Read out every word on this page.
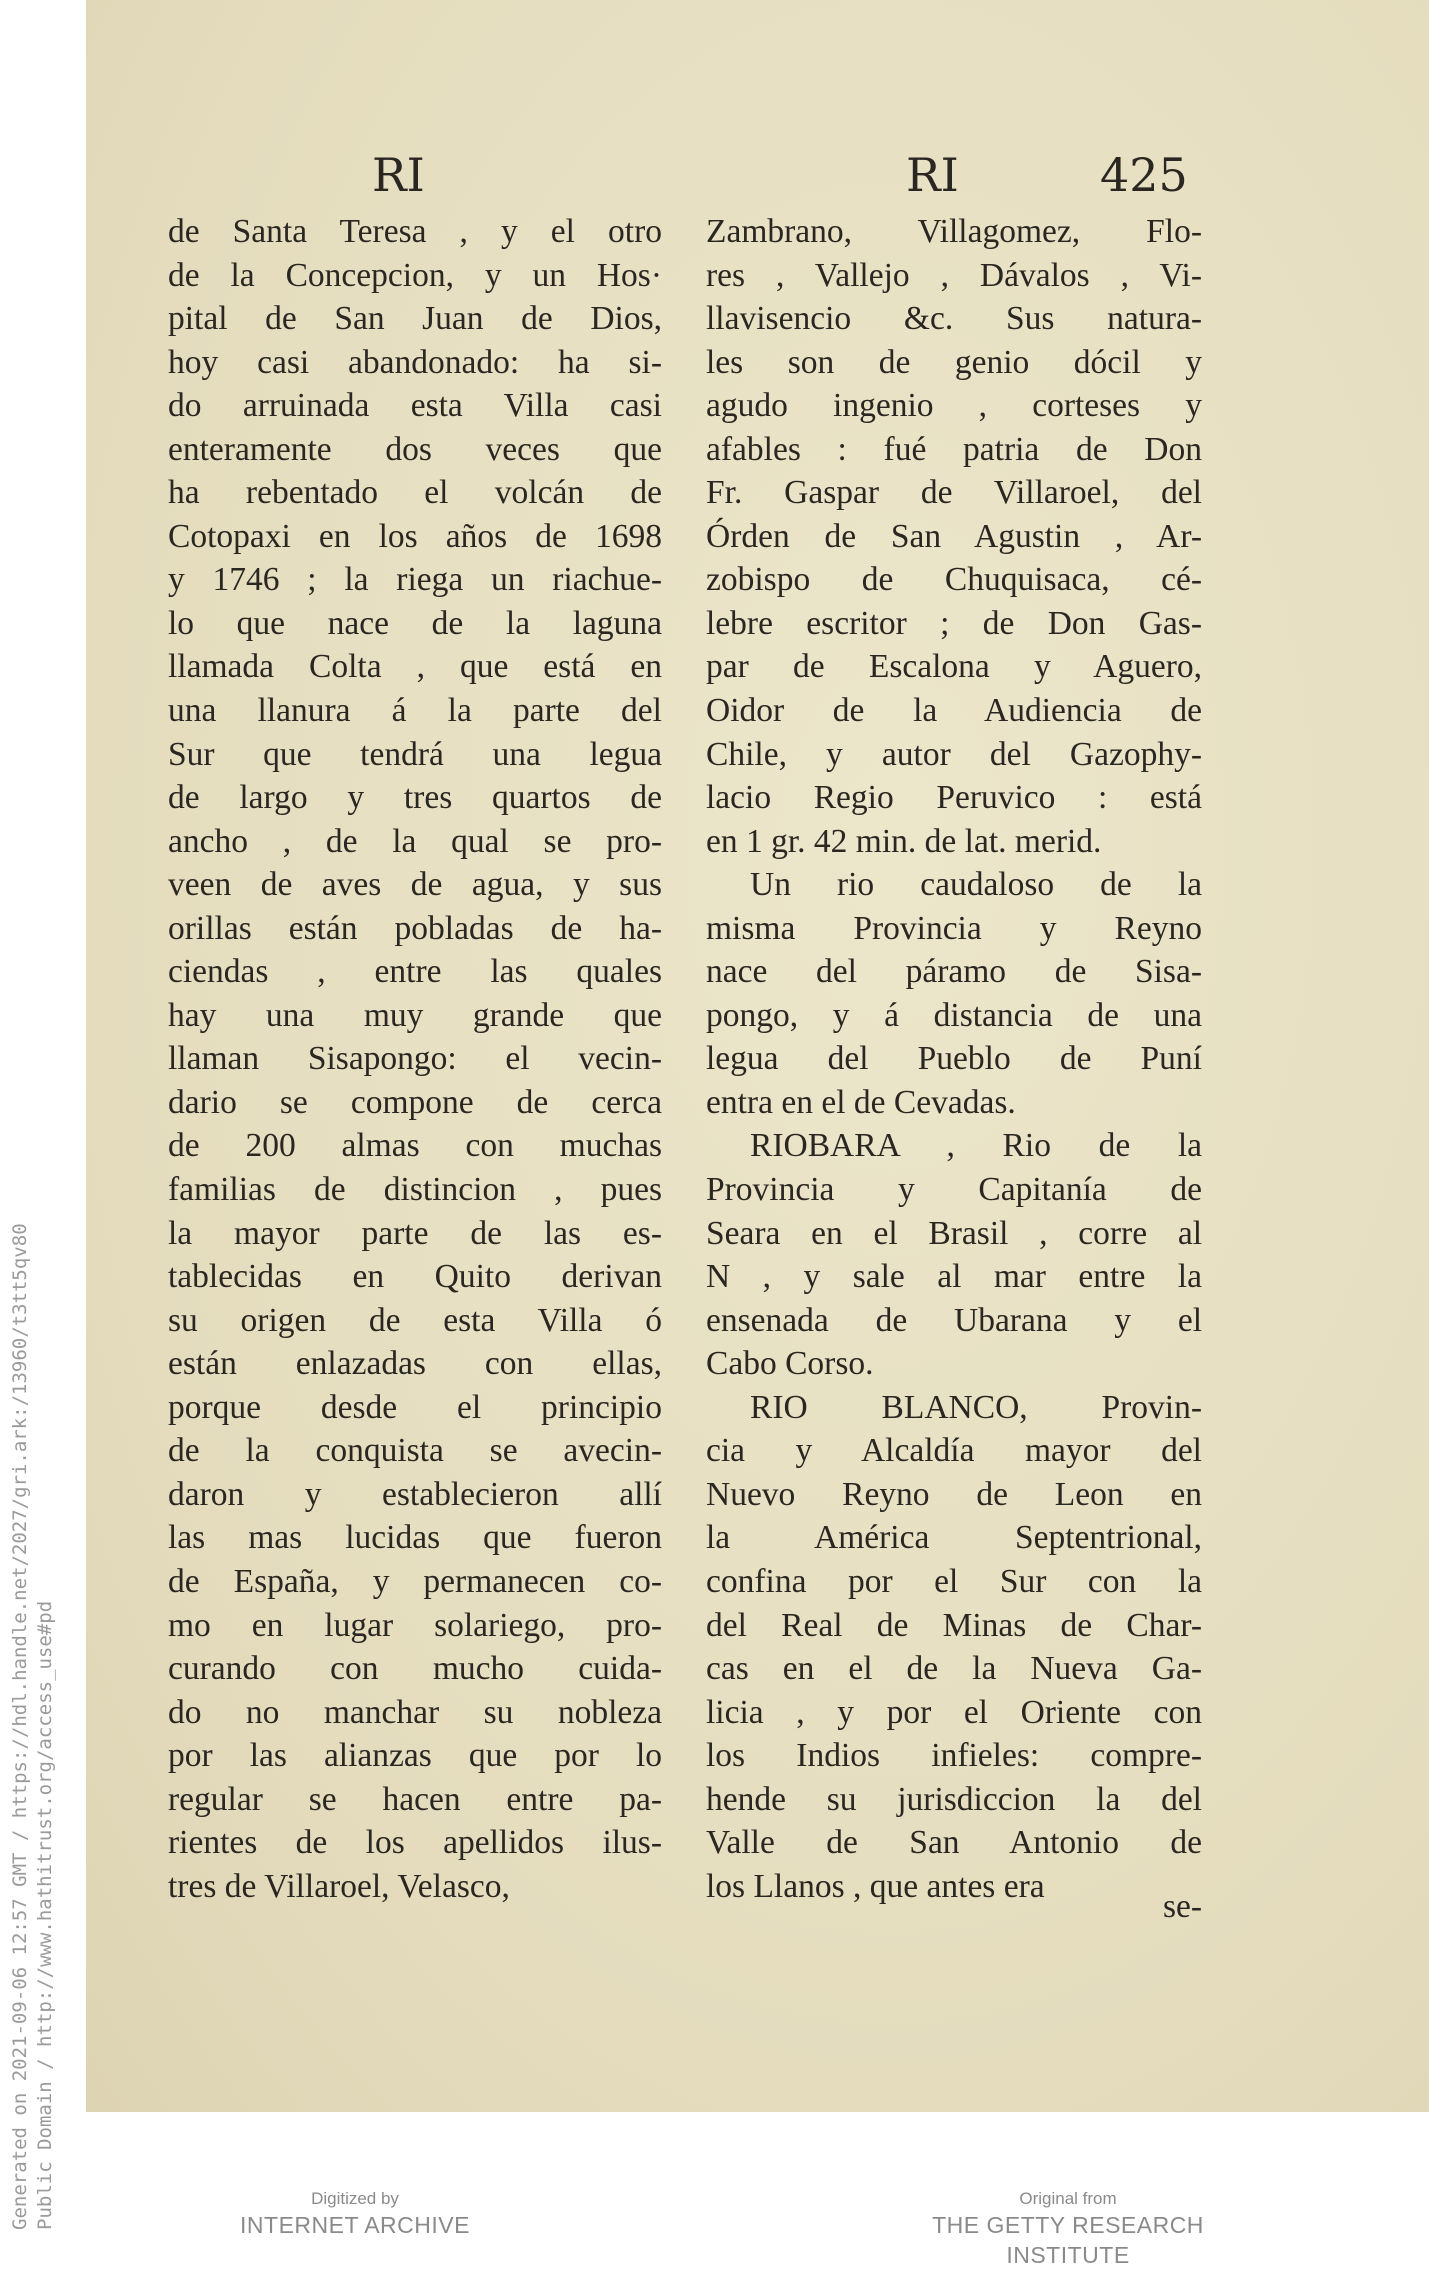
Generated on 2021-09-06 12:57 GMT / https://hdl.handle.net/2027/gri.ark:/13960/t3tt5qv80 Public Domain / http://www.hathitrust.org/access_use#pd
RI	RI	425
de Santa Teresa , y el otro
de la Concepcion, y un Hos·
pital de San Juan de Dios,
hoy casi abandonado: ha si-
do arruinada esta Villa casi
enteramente dos veces que
ha rebentado el volcán de
Cotopaxi en los años de 1698
y 1746 ; la riega un riachue-
lo que nace de la laguna
llamada Colta , que está en
una llanura á la parte del
Sur que tendrá una legua
de largo y tres quartos de
ancho , de la qual se pro-
veen de aves de agua, y sus
orillas están pobladas de ha-
ciendas , entre las quales
hay una muy grande que
llaman Sisapongo: el vecin-
dario se compone de cerca
de 200 almas con muchas
familias de distincion , pues
la mayor parte de las es-
tablecidas en Quito derivan
su origen de esta Villa ó
están enlazadas con ellas,
porque desde el principio
de la conquista se avecin-
daron y establecieron allí
las mas lucidas que fueron
de España, y permanecen co-
mo en lugar solariego, pro-
curando con mucho cuida-
do no manchar su nobleza
por las alianzas que por lo
regular se hacen entre pa-
rientes de los apellidos ilus-
tres de Villaroel, Velasco,
Zambrano, Villagomez, Flo-
res , Vallejo , Dávalos , Vi-
llavisencio &c. Sus natura-
les son de genio dócil y
agudo ingenio , corteses y
afables : fué patria de Don
Fr. Gaspar de Villaroel, del
Órden de San Agustin , Ar-
zobispo de Chuquisaca, cé-
lebre escritor ; de Don Gas-
par de Escalona y Aguero,
Oidor de la Audiencia de
Chile, y autor del Gazophy-
lacio Regio Peruvico : está
en 1 gr. 42 min. de lat. merid.
Un rio caudaloso de la
misma Provincia y Reyno
nace del páramo de Sisa-
pongo, y á distancia de una
legua del Pueblo de Puní
entra en el de Cevadas.
RIOBARA , Rio de la
Provincia y Capitanía de
Seara en el Brasil , corre al
N , y sale al mar entre la
ensenada de Ubarana y el
Cabo Corso.
RIO BLANCO, Provin-
cia y Alcaldía mayor del
Nuevo Reyno de Leon en
la América Septentrional,
confina por el Sur con la
del Real de Minas de Char-
cas en el de la Nueva Ga-
licia , y por el Oriente con
los Indios infieles: compre-
hende su jurisdiccion la del
Valle de San Antonio de
los Llanos , que antes era
se-
Digitized by
INTERNET ARCHIVE
Original from
THE GETTY RESEARCH INSTITUTE
